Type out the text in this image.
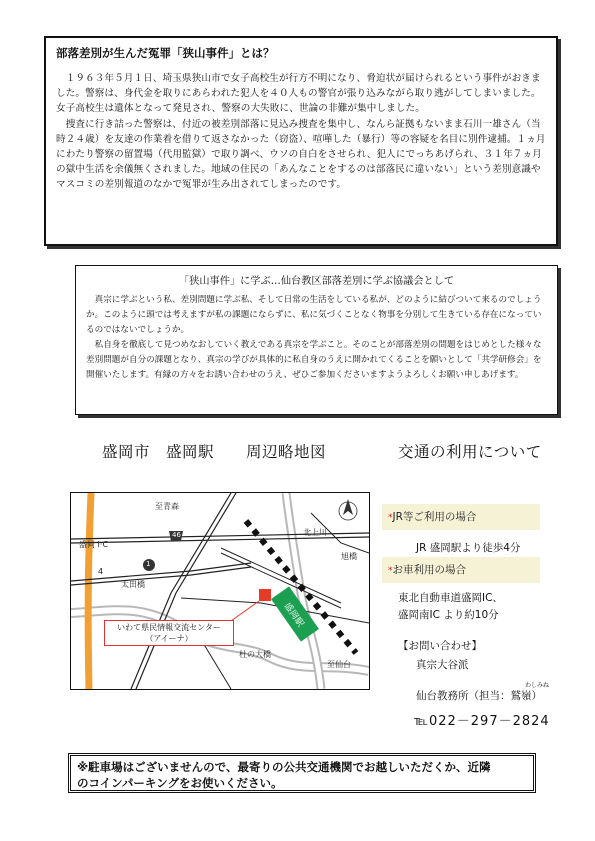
部落差別が生んだ冤罪「狭山事件」とは？

　１９６３年５月１日、埼玉県狭山市で女子高校生が行方不明になり、脅迫状が届けられるという事件がおきました。警察は、身代金を取りにあらわれた犯人を４０人もの警官が張り込みながら取り逃がしてしまいました。女子高校生は遺体となって発見され、警察の大失敗に、世論の非難が集中しました。

　捜査に行き詰った警察は、付近の被差別部落に見込み捜査を集中し、なんら証拠もないまま石川一雄さん（当時２４歳）を友達の作業着を借りて返さなかった（窃盗）、喧嘩した（暴行）等の容疑を名目に別件逮捕。１ヵ月にわたり警察の留置場（代用監獄）で取り調べ、ウソの自白をさせられ、犯人にでっちあげられ、３１年７ヵ月の獄中生活を余儀無くされました。地域の住民の「あんなことをするのは部落民に違いない」という差別意識やマスコミの差別報道のなかで冤罪が生み出されてしまったのです。

「狭山事件」に学ぶ…仙台教区部落差別に学ぶ協議会として

　真宗に学ぶという私、差別問題に学ぶ私、そして日常の生活をしている私が、どのように結びついて来るのでしょうか。このように頭では考えますが私の課題にならずに、私に気づくことなく物事を分別して生きている存在になっているのではないでしょうか。

　私自身を徹底して見つめなおしていく教えである真宗を学ぶこと。そのことが部落差別の問題をはじめとした様々な差別問題が自分の課題となり、真宗の学びが具体的に私自身のうえに開かれてくることを願いとして「共学研修会」を開催いたします。有縁の方々をお誘い合わせのうえ、ぜひご参加くださいますようよろしくお願い申しあげます。

盛岡市　盛岡駅　　周辺略地図	交通の利用について
盛岡駅
至青森
盛岡 I·C
46
4
1
北上川
旭橋
太田橋
杜の大橋
至仙台
いわて県民情報交流センター
（アイーナ）
*JR等ご利用の場合
JR 盛岡駅より徒歩4分
*お車利用の場合
東北自動車道盛岡IC、
盛岡南IC より約10分
【お問い合わせ】
真宗大谷派
わしみね
仙台教務所（担当：鷲嶺）
℡022－297－2824
※駐車場はございませんので、最寄りの公共交通機関でお越しいただくか、近隣
のコインパーキングをお使いください。
